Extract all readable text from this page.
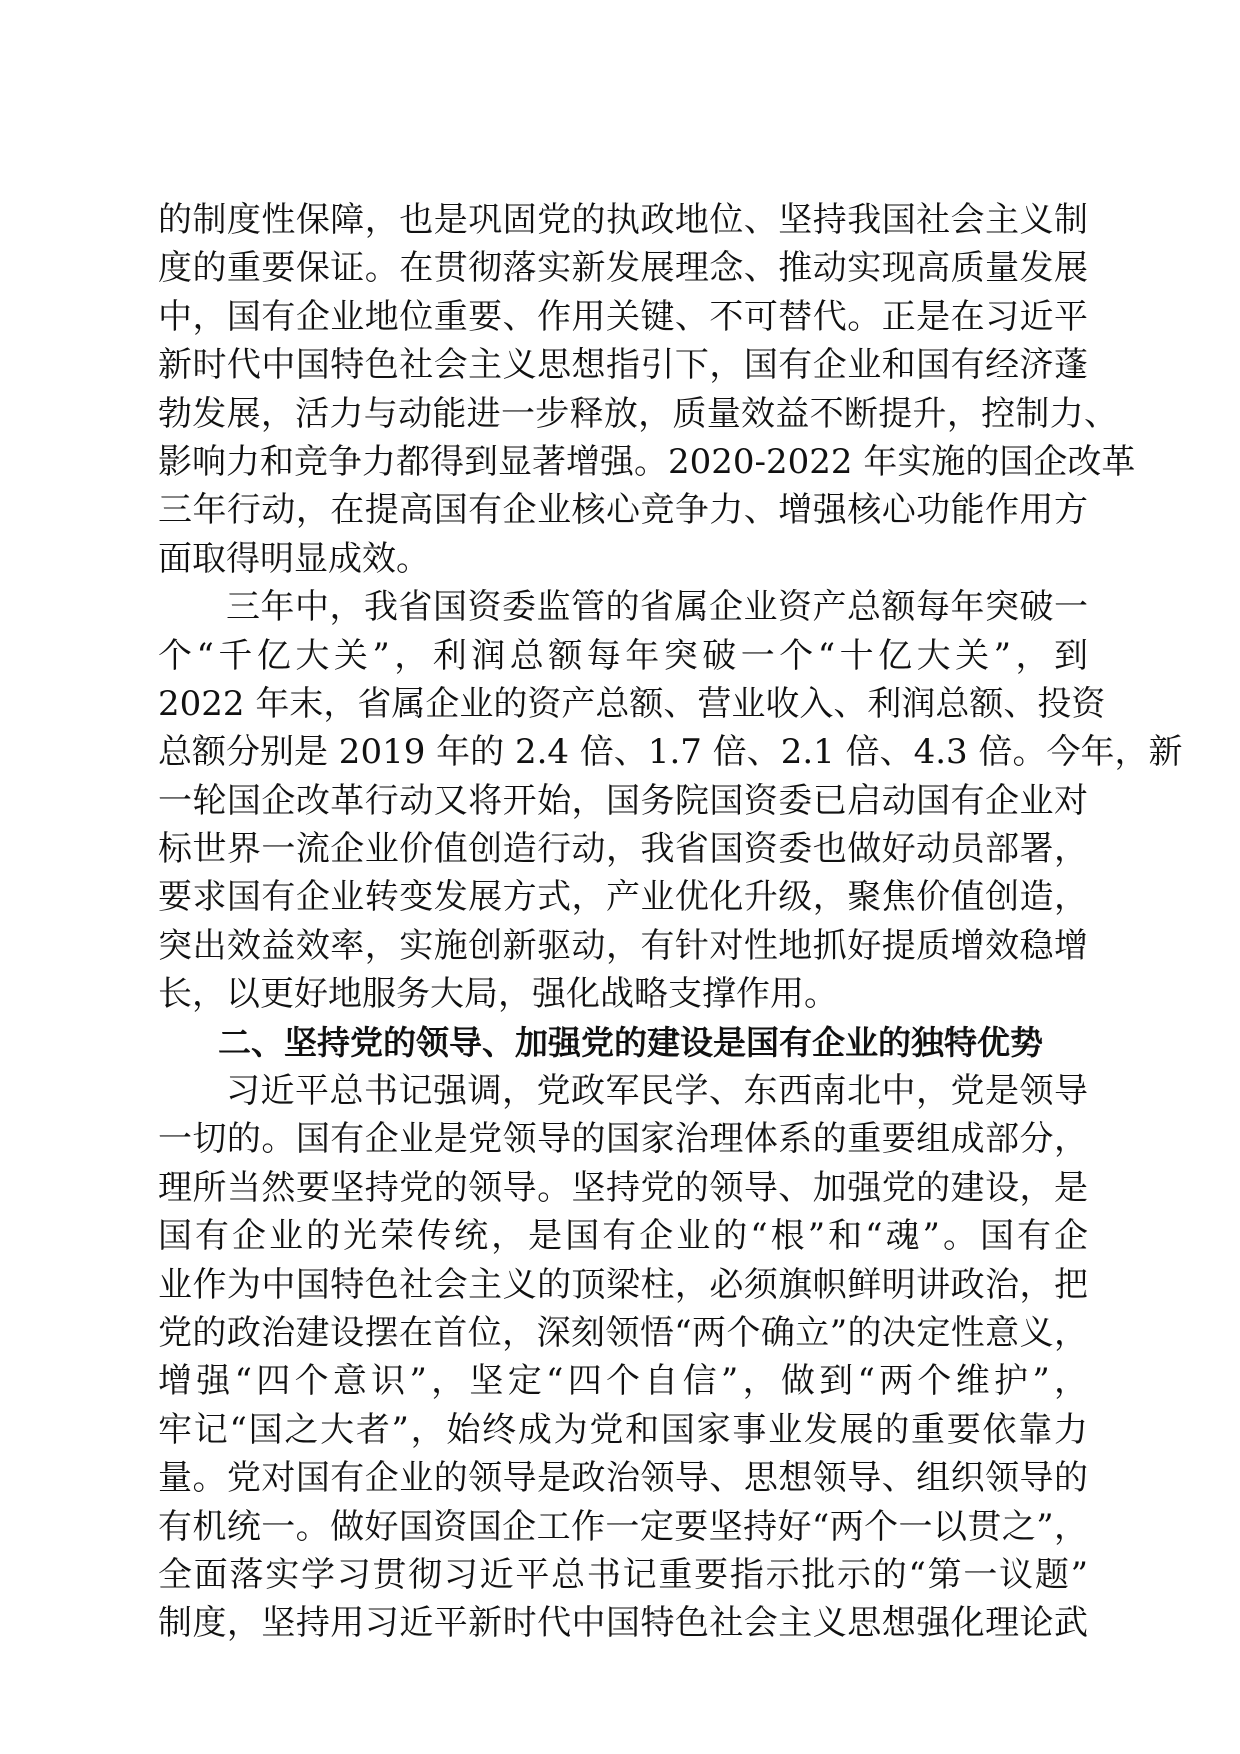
的制度性保障，也是巩固党的执政地位、坚持我国社会主义制
度的重要保证。在贯彻落实新发展理念、推动实现高质量发展
中，国有企业地位重要、作用关键、不可替代。正是在习近平
新时代中国特色社会主义思想指引下，国有企业和国有经济蓬
勃发展，活力与动能进一步释放，质量效益不断提升，控制力、
影响力和竞争力都得到显著增强。2020-2022 年实施的国企改革
三年行动，在提高国有企业核心竞争力、增强核心功能作用方
面取得明显成效。
三年中，我省国资委监管的省属企业资产总额每年突破一
个“千亿大关”，利润总额每年突破一个“十亿大关”，到
2022 年末，省属企业的资产总额、营业收入、利润总额、投资
总额分别是 2019 年的 2.4 倍、1.7 倍、2.1 倍、4.3 倍。今年，新
一轮国企改革行动又将开始，国务院国资委已启动国有企业对
标世界一流企业价值创造行动，我省国资委也做好动员部署，
要求国有企业转变发展方式，产业优化升级，聚焦价值创造，
突出效益效率，实施创新驱动，有针对性地抓好提质增效稳增
长，以更好地服务大局，强化战略支撑作用。
二、坚持党的领导、加强党的建设是国有企业的独特优势
习近平总书记强调，党政军民学、东西南北中，党是领导
一切的。国有企业是党领导的国家治理体系的重要组成部分，
理所当然要坚持党的领导。坚持党的领导、加强党的建设，是
国有企业的光荣传统，是国有企业的“根”和“魂”。国有企
业作为中国特色社会主义的顶梁柱，必须旗帜鲜明讲政治，把
党的政治建设摆在首位，深刻领悟“两个确立”的决定性意义，
增强“四个意识”，坚定“四个自信”，做到“两个维护”，
牢记“国之大者”，始终成为党和国家事业发展的重要依靠力
量。党对国有企业的领导是政治领导、思想领导、组织领导的
有机统一。做好国资国企工作一定要坚持好“两个一以贯之”，
全面落实学习贯彻习近平总书记重要指示批示的“第一议题”
制度，坚持用习近平新时代中国特色社会主义思想强化理论武
